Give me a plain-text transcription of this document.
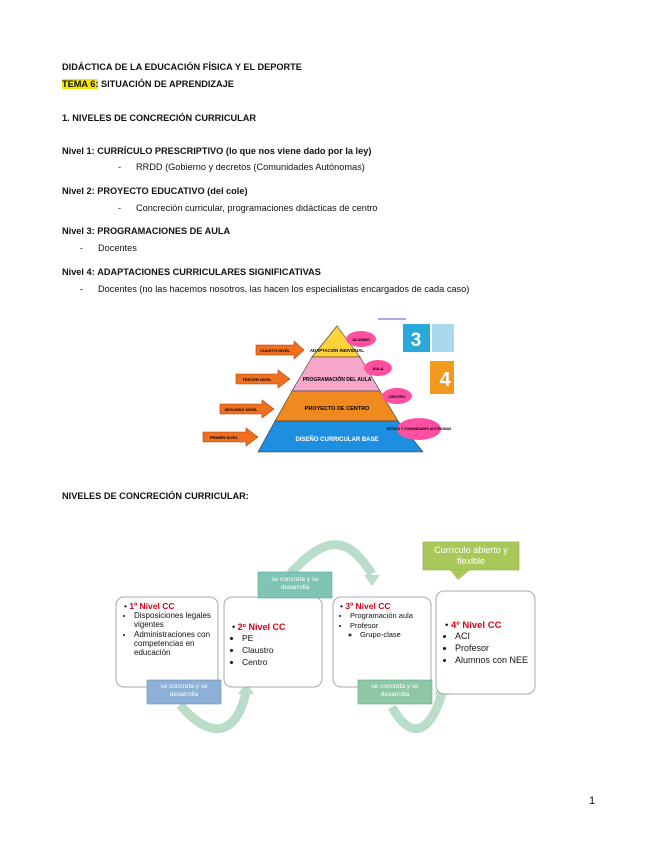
DIDÁCTICA DE LA EDUCACIÓN FÍSICA Y EL DEPORTE
TEMA 6: SITUACIÓN DE APRENDIZAJE
1. NIVELES DE CONCRECIÓN CURRICULAR
Nivel 1: CURRÍCULO PRESCRIPTIVO (lo que nos viene dado por la ley)
- RRDD (Gobierno y decretos (Comunidades Autónomas)
Nivel 2: PROYECTO EDUCATIVO (del cole)
- Concreción curricular, programaciones didácticas de centro
Nivel 3: PROGRAMACIONES DE AULA
- Docentes
Nivel 4: ADAPTACIONES CURRICULARES SIGNIFICATIVAS
- Docentes (no las hacemos nosotros, las hacen los especialistas encargados de cada caso)
NIVELES DE CONCRECIÓN CURRICULAR:
1
ADAPTACIÓN INDIVIDUAL
PROGRAMACIÓN DEL AULA
PROYECTO DE CENTRO
DISEÑO CURRICULAR BASE
CUARTO NIVEL
TERCER NIVEL
SEGUNDO NIVEL
PRIMER NIVEL
ALUMNO
AULA
CENTRO
ESTADO Y COMUNIDADES AUTÓNOMAS
3
4
Currículo abierto y flexible
se concreta y se desarrolla
se concreta y se desarrolla
se concreta y se desarrolla
• 1º Nivel CC
• Disposiciones legales vigentes
• Administraciones con competencias en educación
• 2º Nivel CC
• PE
• Claustro
• Centro
• 3º Nivel CC
• Programación aula
• Profesor
◦ Grupo-clase
• 4º Nivel CC
• ACI
• Profesor
• Alumnos con NEE
